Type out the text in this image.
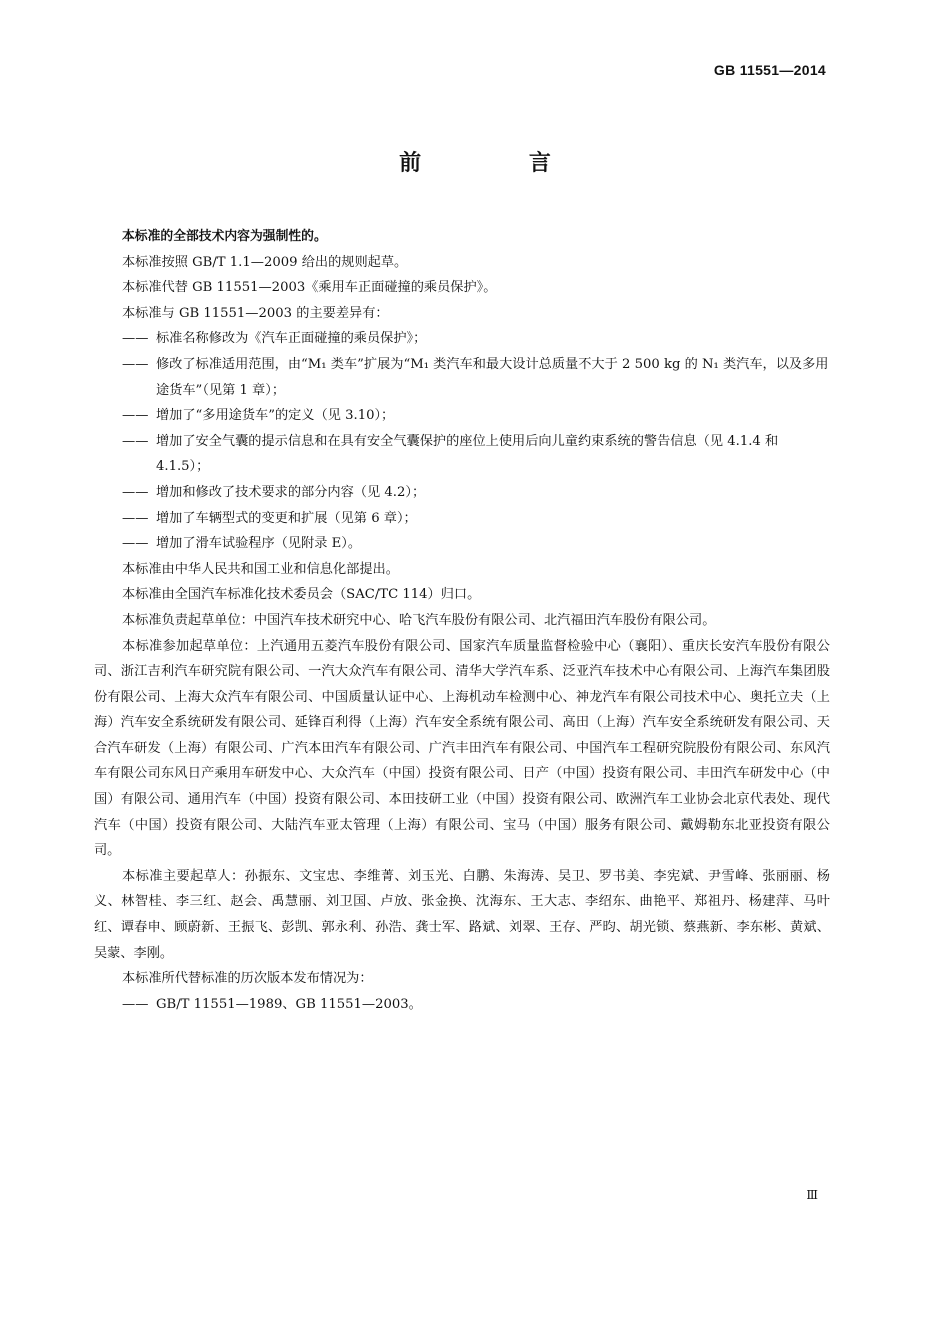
GB 11551—2014
前 言

本标准的全部技术内容为强制性的。

本标准按照 GB/T 1.1—2009 给出的规则起草。

本标准代替 GB 11551—2003《乘用车正面碰撞的乘员保护》。

本标准与 GB 11551—2003 的主要差异有：

—— 标准名称修改为《汽车正面碰撞的乘员保护》；

—— 修改了标准适用范围，由“M₁ 类车”扩展为“M₁ 类汽车和最大设计总质量不大于 2 500 kg 的 N₁ 类汽车，以及多用途货车”（见第 1 章）；

—— 增加了“多用途货车”的定义（见 3.10）；

—— 增加了安全气囊的提示信息和在具有安全气囊保护的座位上使用后向儿童约束系统的警告信息（见 4.1.4 和 4.1.5）；

—— 增加和修改了技术要求的部分内容（见 4.2）；

—— 增加了车辆型式的变更和扩展（见第 6 章）；

—— 增加了滑车试验程序（见附录 E）。

本标准由中华人民共和国工业和信息化部提出。

本标准由全国汽车标准化技术委员会（SAC/TC 114）归口。

本标准负责起草单位：中国汽车技术研究中心、哈飞汽车股份有限公司、北汽福田汽车股份有限公司。

本标准参加起草单位：上汽通用五菱汽车股份有限公司、国家汽车质量监督检验中心（襄阳）、重庆长安汽车股份有限公司、浙江吉利汽车研究院有限公司、一汽大众汽车有限公司、清华大学汽车系、泛亚汽车技术中心有限公司、上海汽车集团股份有限公司、上海大众汽车有限公司、中国质量认证中心、上海机动车检测中心、神龙汽车有限公司技术中心、奥托立夫（上海）汽车安全系统研发有限公司、延锋百利得（上海）汽车安全系统有限公司、高田（上海）汽车安全系统研发有限公司、天合汽车研发（上海）有限公司、广汽本田汽车有限公司、广汽丰田汽车有限公司、中国汽车工程研究院股份有限公司、东风汽车有限公司东风日产乘用车研发中心、大众汽车（中国）投资有限公司、日产（中国）投资有限公司、丰田汽车研发中心（中国）有限公司、通用汽车（中国）投资有限公司、本田技研工业（中国）投资有限公司、欧洲汽车工业协会北京代表处、现代汽车（中国）投资有限公司、大陆汽车亚太管理（上海）有限公司、宝马（中国）服务有限公司、戴姆勒东北亚投资有限公司。

本标准主要起草人：孙振东、文宝忠、李维菁、刘玉光、白鹏、朱海涛、吴卫、罗书美、李宪斌、尹雪峰、张丽丽、杨义、林智桂、李三红、赵会、禹慧丽、刘卫国、卢放、张金换、沈海东、王大志、李绍东、曲艳平、郑祖丹、杨建萍、马叶红、谭春申、顾蔚新、王振飞、彭凯、郭永利、孙浩、龚士军、路斌、刘翠、王存、严昀、胡光锁、蔡燕新、李东彬、黄斌、吴蒙、李刚。

本标准所代替标准的历次版本发布情况为：

—— GB/T 11551—1989、GB 11551—2003。

Ⅲ
